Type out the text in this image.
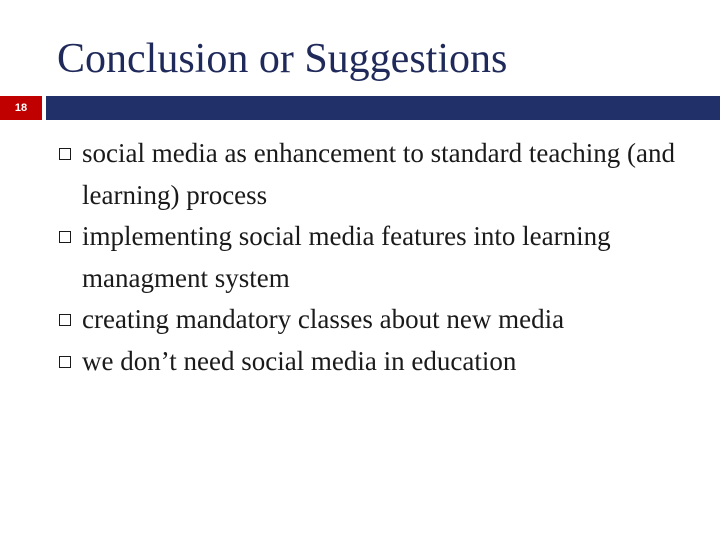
Conclusion or Suggestions
18
social media as enhancement to standard teaching (and learning) process
implementing social media features into learning managment system
creating mandatory classes about new media
we don’t need social media in education
